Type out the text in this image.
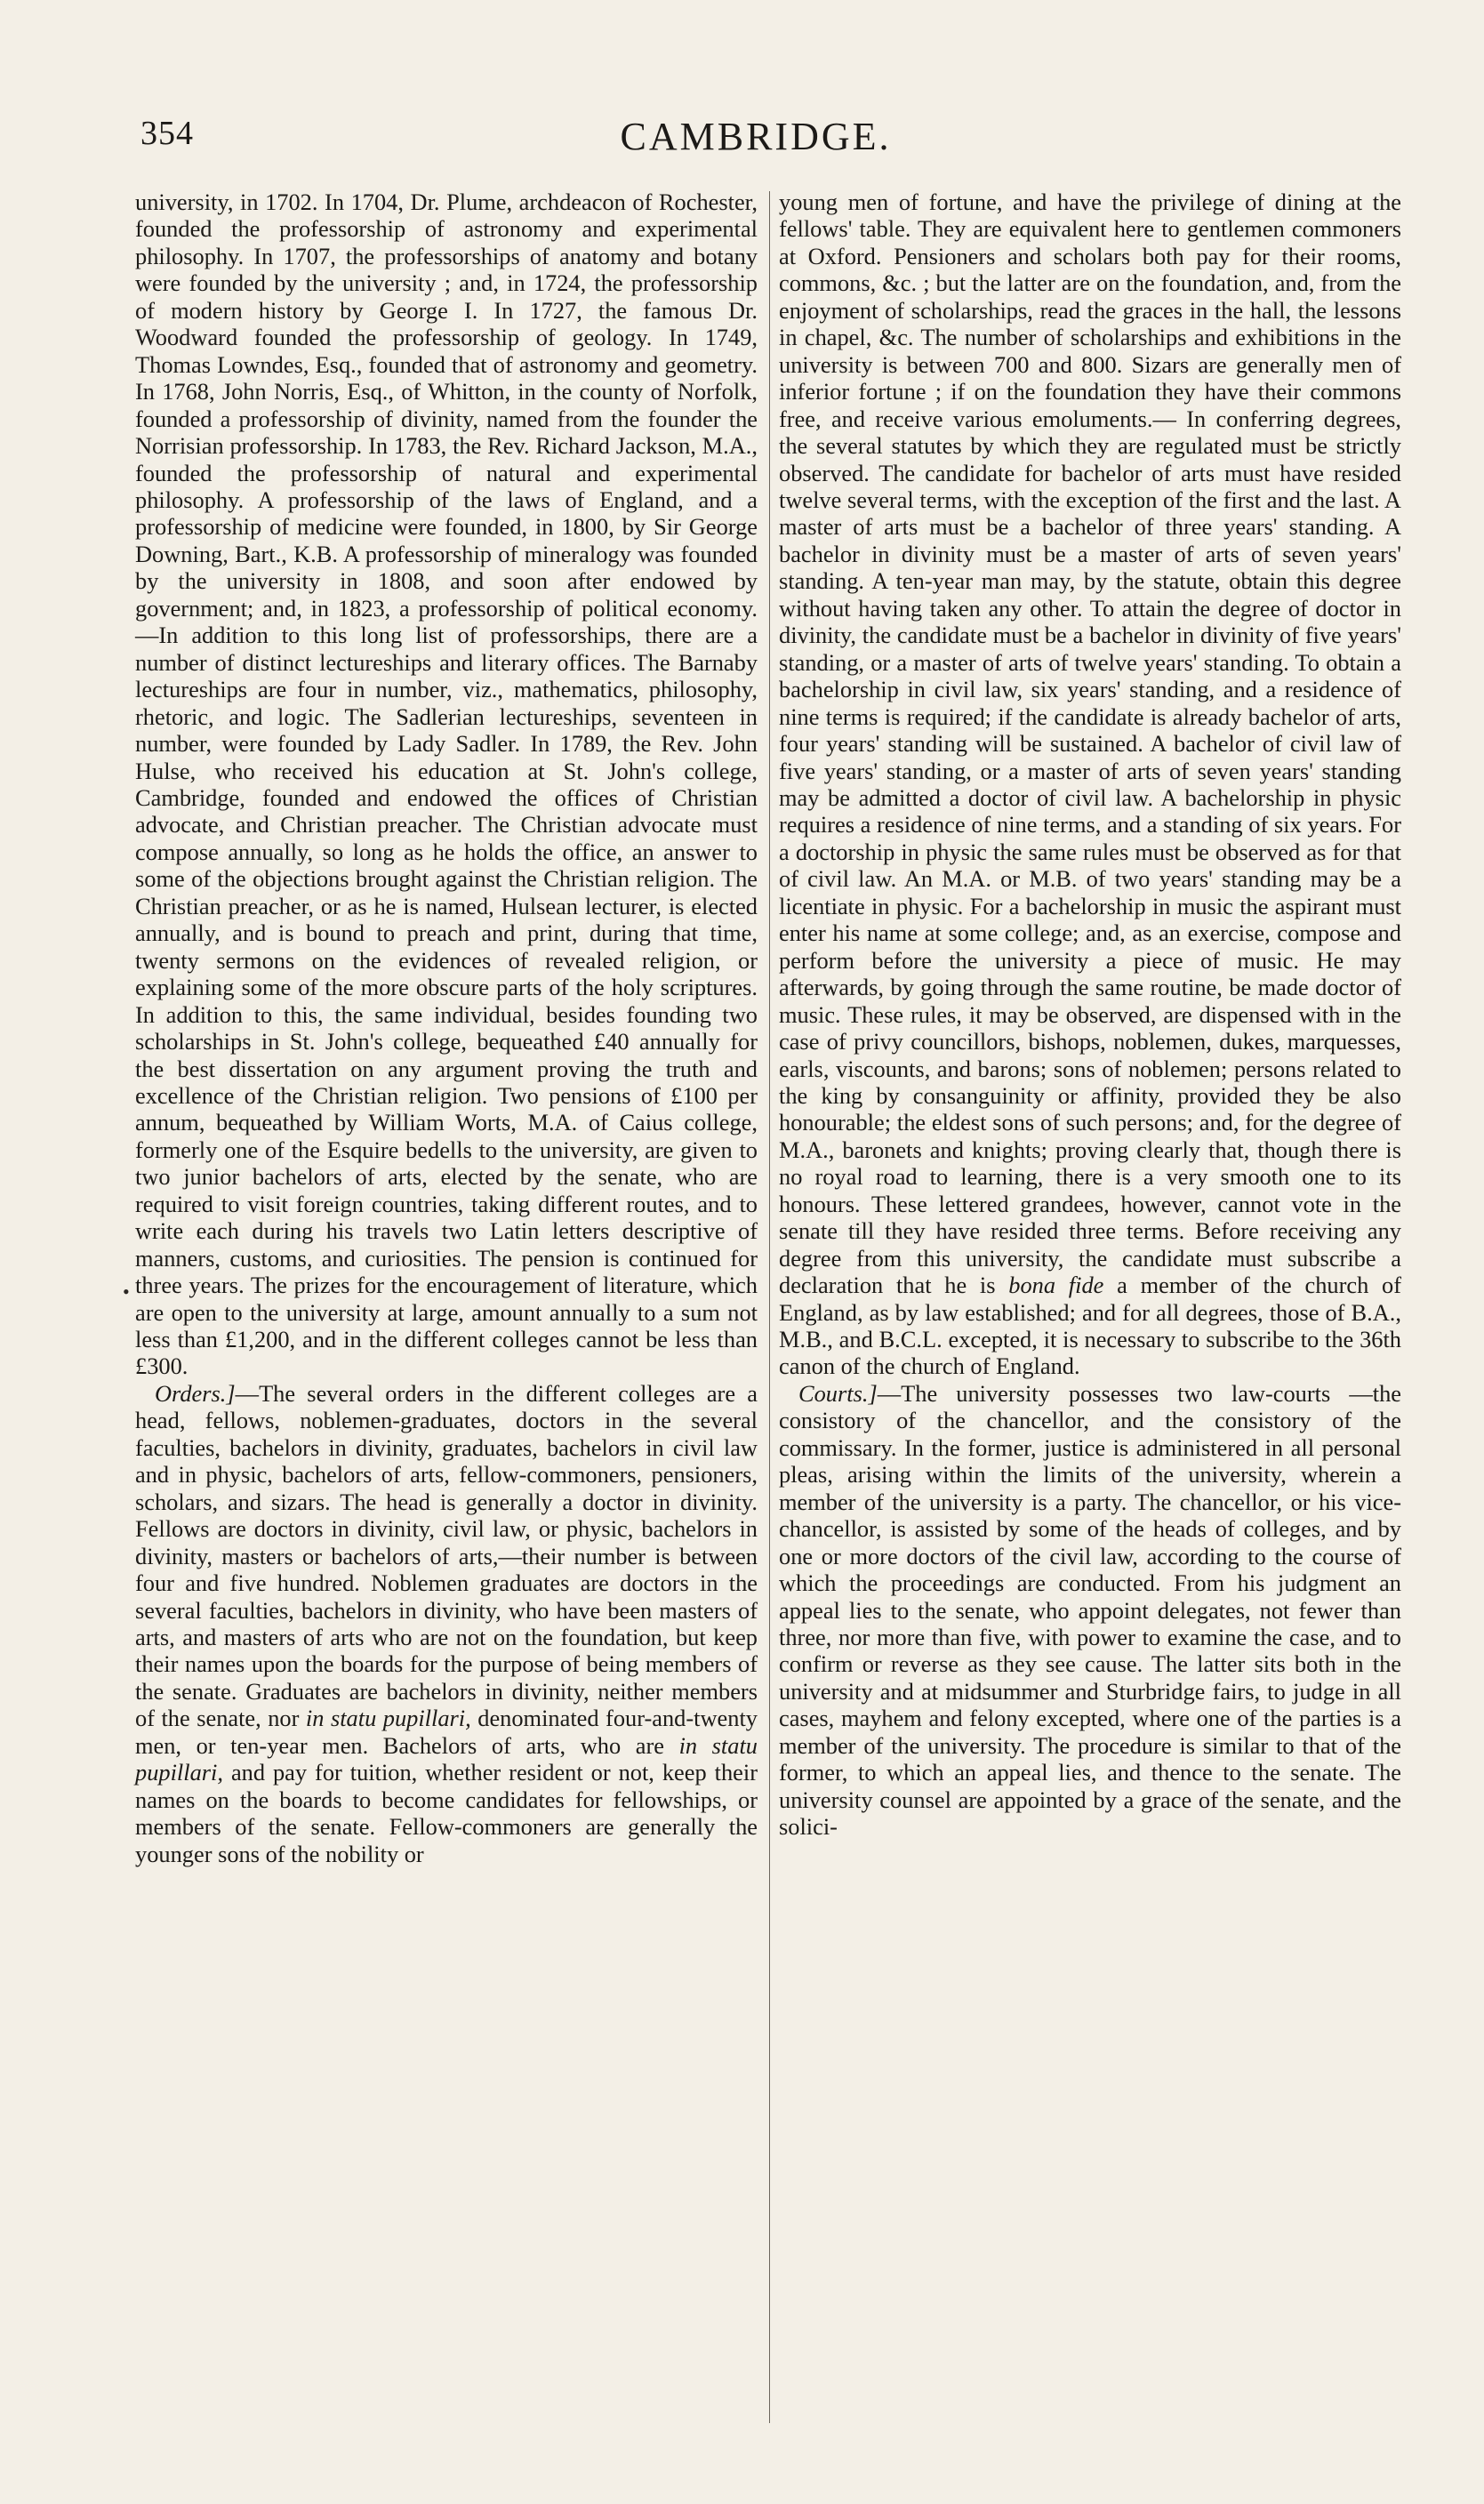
354	CAMBRIDGE.
•

university, in 1702. In 1704, Dr. Plume, archdeacon of Rochester, founded the professorship of astronomy and experimental philosophy. In 1707, the professorships of anatomy and botany were founded by the university ; and, in 1724, the professorship of modern history by George I. In 1727, the famous Dr. Woodward founded the professorship of geology. In 1749, Thomas Lowndes, Esq., founded that of astronomy and geometry. In 1768, John Norris, Esq., of Whitton, in the county of Norfolk, founded a professorship of divinity, named from the founder the Norrisian professorship. In 1783, the Rev. Richard Jackson, M.A., founded the professorship of natural and experimental philosophy. A professorship of the laws of England, and a professorship of medicine were founded, in 1800, by Sir George Downing, Bart., K.B. A professorship of mineralogy was founded by the university in 1808, and soon after endowed by government; and, in 1823, a professorship of political economy.—In addition to this long list of professorships, there are a number of distinct lectureships and literary offices. The Barnaby lectureships are four in number, viz., mathematics, philosophy, rhetoric, and logic. The Sadlerian lectureships, seventeen in number, were founded by Lady Sadler. In 1789, the Rev. John Hulse, who received his education at St. John's college, Cambridge, founded and endowed the offices of Christian advocate, and Christian preacher. The Christian advocate must compose annually, so long as he holds the office, an answer to some of the objections brought against the Christian religion. The Christian preacher, or as he is named, Hulsean lecturer, is elected annually, and is bound to preach and print, during that time, twenty sermons on the evidences of revealed religion, or explaining some of the more obscure parts of the holy scriptures. In addition to this, the same individual, besides founding two scholarships in St. John's college, bequeathed £40 annually for the best dissertation on any argument proving the truth and excellence of the Christian religion. Two pensions of £100 per annum, bequeathed by William Worts, M.A. of Caius college, formerly one of the Esquire bedells to the university, are given to two junior bachelors of arts, elected by the senate, who are required to visit foreign countries, taking different routes, and to write each during his travels two Latin letters descriptive of manners, customs, and curiosities. The pension is continued for three years. The prizes for the encouragement of literature, which are open to the university at large, amount annually to a sum not less than £1,200, and in the different colleges cannot be less than £300.

Orders.]—The several orders in the different colleges are a head, fellows, noblemen-graduates, doctors in the several faculties, bachelors in divinity, graduates, bachelors in civil law and in physic, bachelors of arts, fellow-commoners, pensioners, scholars, and sizars. The head is generally a doctor in divinity. Fellows are doctors in divinity, civil law, or physic, bachelors in divinity, masters or bachelors of arts,—their number is between four and five hundred. Noblemen graduates are doctors in the several faculties, bachelors in divinity, who have been masters of arts, and masters of arts who are not on the foundation, but keep their names upon the boards for the purpose of being members of the senate. Graduates are bachelors in divinity, neither members of the senate, nor in statu pupillari, denominated four-and-twenty men, or ten-year men. Bachelors of arts, who are in statu pupillari, and pay for tuition, whether resident or not, keep their names on the boards to become candidates for fellowships, or members of the senate. Fellow-commoners are generally the younger sons of the nobility or

young men of fortune, and have the privilege of dining at the fellows' table. They are equivalent here to gentlemen commoners at Oxford. Pensioners and scholars both pay for their rooms, commons, &c. ; but the latter are on the foundation, and, from the enjoyment of scholarships, read the graces in the hall, the lessons in chapel, &c. The number of scholarships and exhibitions in the university is between 700 and 800. Sizars are generally men of inferior fortune ; if on the foundation they have their commons free, and receive various emoluments.— In conferring degrees, the several statutes by which they are regulated must be strictly observed. The candidate for bachelor of arts must have resided twelve several terms, with the exception of the first and the last. A master of arts must be a bachelor of three years' standing. A bachelor in divinity must be a master of arts of seven years' standing. A ten-year man may, by the statute, obtain this degree without having taken any other. To attain the degree of doctor in divinity, the candidate must be a bachelor in divinity of five years' standing, or a master of arts of twelve years' standing. To obtain a bachelorship in civil law, six years' standing, and a residence of nine terms is required; if the candidate is already bachelor of arts, four years' standing will be sustained. A bachelor of civil law of five years' standing, or a master of arts of seven years' standing may be admitted a doctor of civil law. A bachelorship in physic requires a residence of nine terms, and a standing of six years. For a doctorship in physic the same rules must be observed as for that of civil law. An M.A. or M.B. of two years' standing may be a licentiate in physic. For a bachelorship in music the aspirant must enter his name at some college; and, as an exercise, compose and perform before the university a piece of music. He may afterwards, by going through the same routine, be made doctor of music. These rules, it may be observed, are dispensed with in the case of privy councillors, bishops, noblemen, dukes, marquesses, earls, viscounts, and barons; sons of noblemen; persons related to the king by consanguinity or affinity, provided they be also honourable; the eldest sons of such persons; and, for the degree of M.A., baronets and knights; proving clearly that, though there is no royal road to learning, there is a very smooth one to its honours. These lettered grandees, however, cannot vote in the senate till they have resided three terms. Before receiving any degree from this university, the candidate must subscribe a declaration that he is bona fide a member of the church of England, as by law established; and for all degrees, those of B.A., M.B., and B.C.L. excepted, it is necessary to subscribe to the 36th canon of the church of England.

Courts.]—The university possesses two law-courts —the consistory of the chancellor, and the consistory of the commissary. In the former, justice is administered in all personal pleas, arising within the limits of the university, wherein a member of the university is a party. The chancellor, or his vice-chancellor, is assisted by some of the heads of colleges, and by one or more doctors of the civil law, according to the course of which the proceedings are conducted. From his judgment an appeal lies to the senate, who appoint delegates, not fewer than three, nor more than five, with power to examine the case, and to confirm or reverse as they see cause. The latter sits both in the university and at midsummer and Sturbridge fairs, to judge in all cases, mayhem and felony excepted, where one of the parties is a member of the university. The procedure is similar to that of the former, to which an appeal lies, and thence to the senate. The university counsel are appointed by a grace of the senate, and the solici-
